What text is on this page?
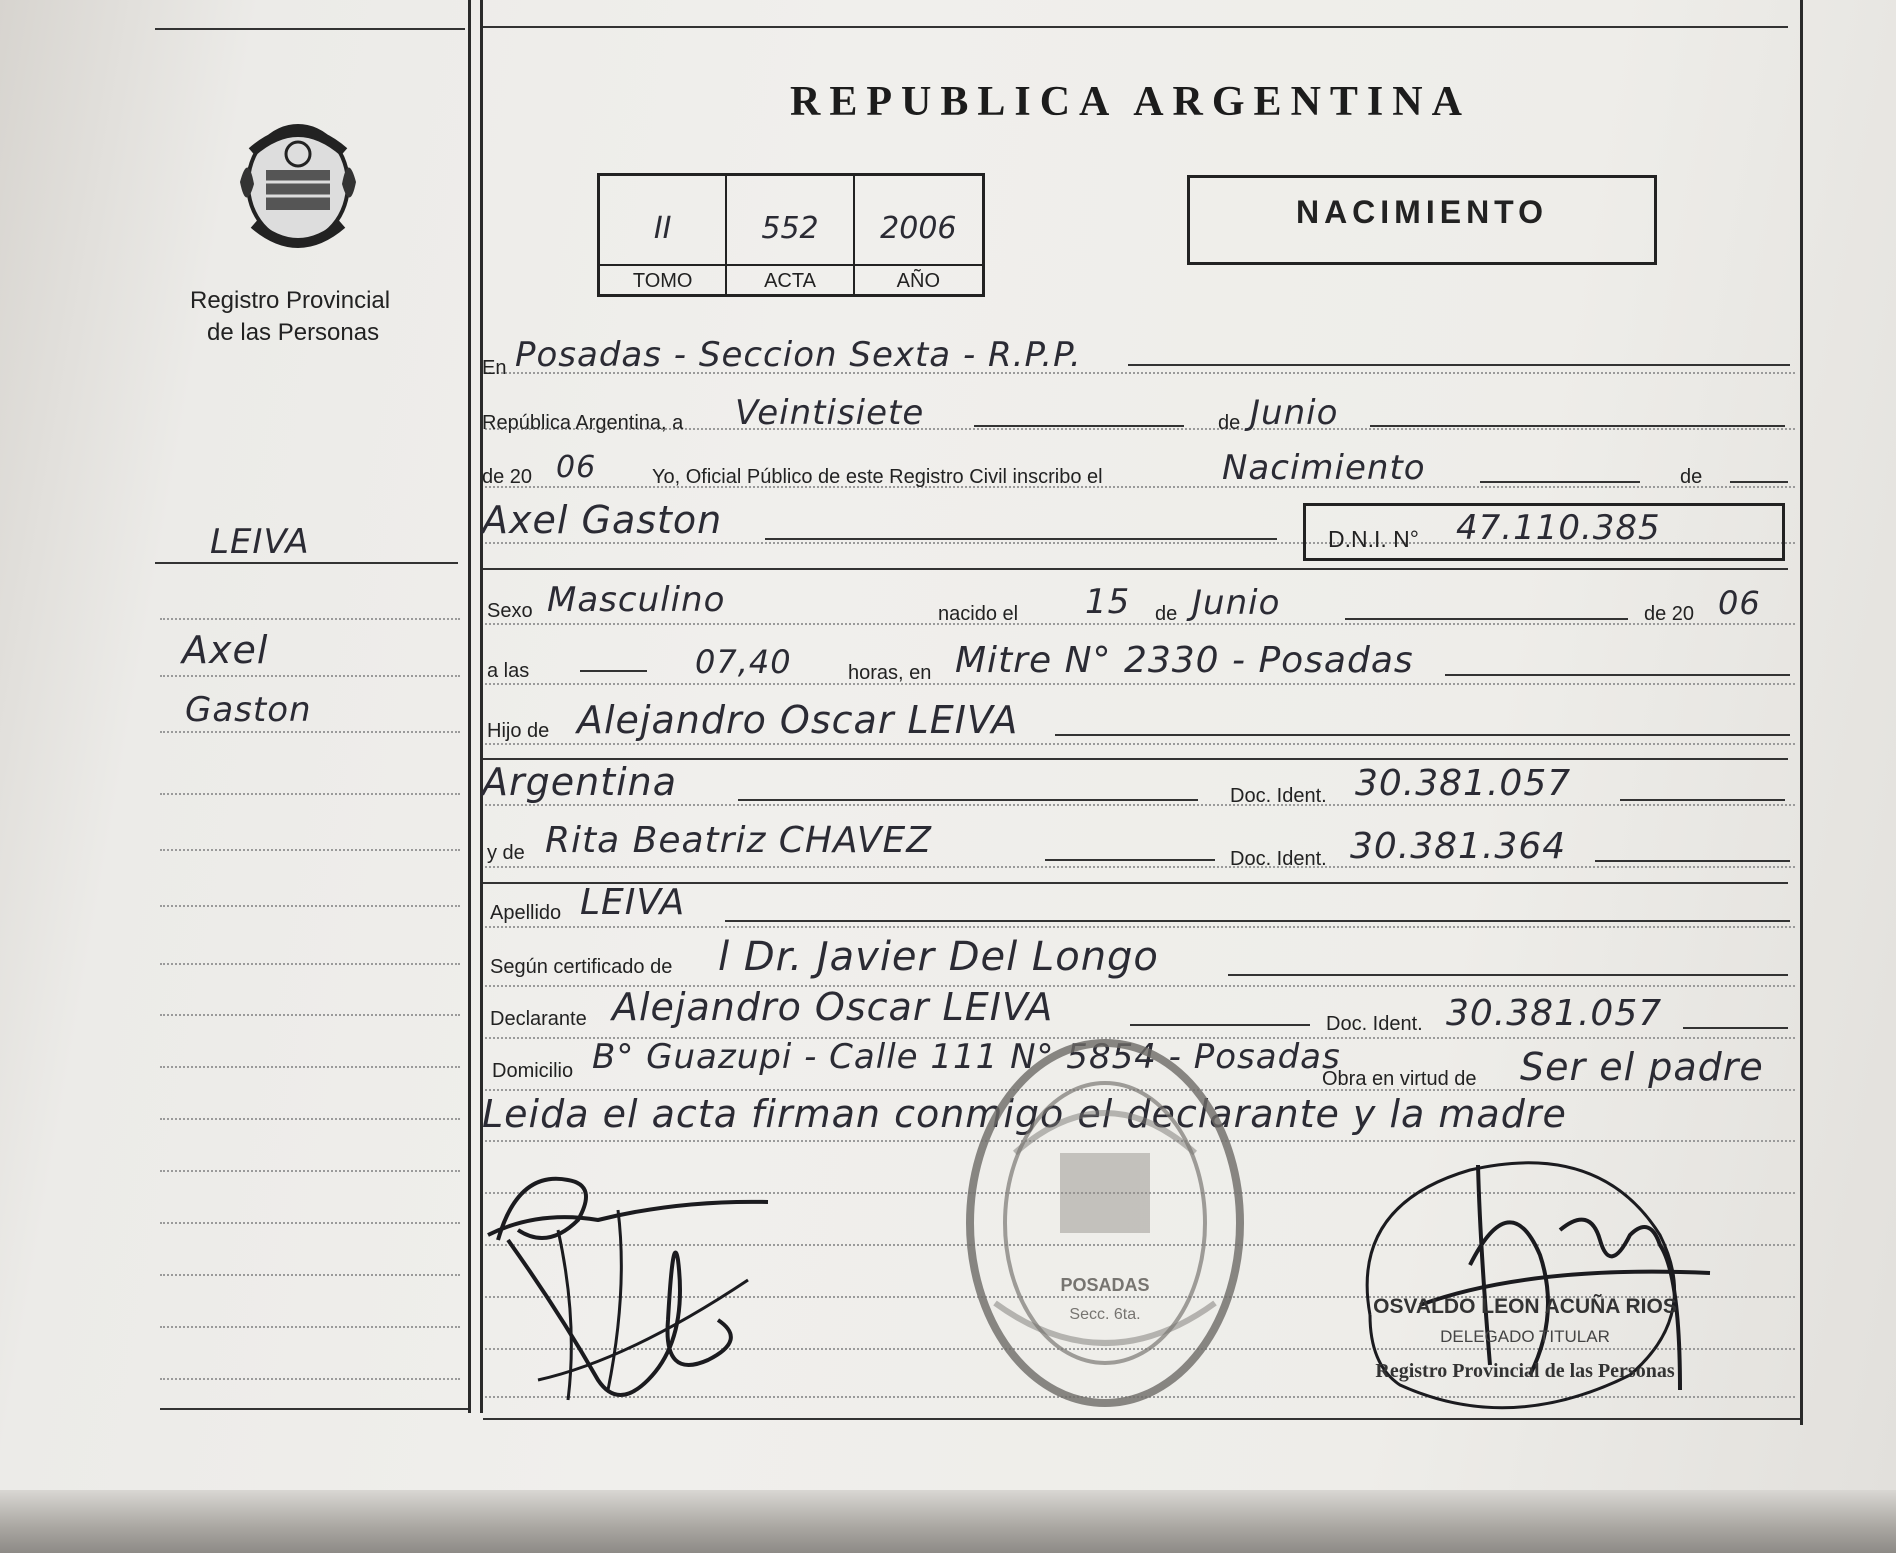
Registro Provincial
de las Personas
LEIVA
Axel
Gaston
REPUBLICA ARGENTINA
II	552	2006
TOMO	ACTA	AÑO
NACIMIENTO
En Posadas - Seccion Sexta - R.P.P.
República Argentina, a Veintisiete	de Junio
de 20 06	Yo, Oficial Público de este Registro Civil inscribo el	Nacimiento	de
Axel Gaston	D.N.I. N° 47.110.385
Sexo Masculino	nacido el 15 de Junio	de 20 06
a las	07,40	horas, en Mitre N° 2330 - Posadas
Hijo de Alejandro Oscar LEIVA
Argentina	Doc. Ident. 30.381.057
y de Rita Beatriz CHAVEZ	Doc. Ident. 30.381.364
Apellido LEIVA
Según certificado de l Dr. Javier Del Longo
Declarante Alejandro Oscar LEIVA	Doc. Ident. 30.381.057
Domicilio B° Guazupi - Calle 111 N° 5854 - Posadas
Obra en virtud de Ser el padre
Leida el acta firman conmigo el declarante y la madre
POSADAS
Secc. 6ta.	OSVALDO LEON ACUÑA RIOS
DELEGADO TITULAR
Registro Provincial de las Personas
